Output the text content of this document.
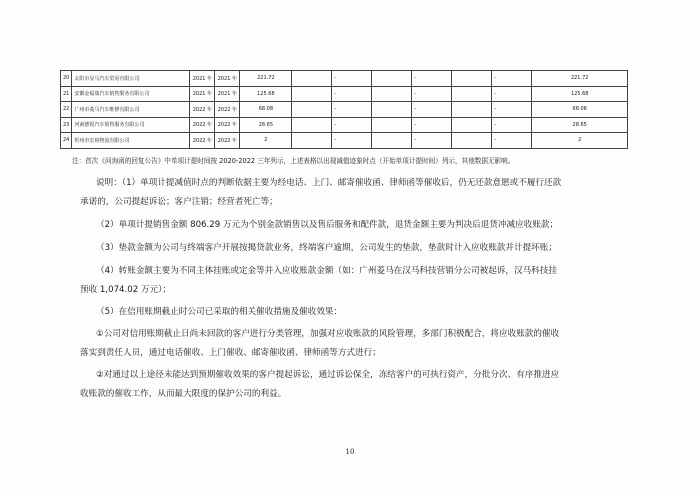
20	太阳市显马汽车贸易有限公司	2021 年	2021 年	221.72		-		-		-	221.72
21	安徽金福康汽车销售服务有限公司	2021 年	2021 年	125.68		-		-		-	125.68
22	广州市菱马汽车维修有限公司	2022 年	2022 年	68.08		-		-		-	68.08
23	河南德锐汽车销售服务有限公司	2022 年	2022 年	28.65		-		-		-	28.65
24	忻州市宏裕物流有限公司	2022 年	2022 年	2		-		-		-	2
注：首次《问询函的回复公告》中单项计提时间按 2020-2022 三年列示，上述表格以出现减值迹象时点（开始单项计提时间）列示，其他数据无影响。
说明：（1）单项计提减值时点的判断依据主要为经电话、上门、邮寄催收函、律师函等催收后，仍无还款意愿或不履行还款
承诺的，公司提起诉讼；客户注销；经营者死亡等；
（2）单项计提销售金额 806.29 万元为个别金款销售以及售后服务和配件款，退货金额主要为判决后退货冲减应收账款；
（3）垫款金额为公司与终端客户开展按揭贷款业务，终端客户逾期，公司发生的垫款，垫款时计入应收账款并计提坏账；
（4）转账金额主要为不同主体挂账或定金等并入应收账款金额（如：广州菱马在汉马科技营销分公司被起诉，汉马科技挂
预收 1,074.02 万元）；
（5）在信用账期截止时公司已采取的相关催收措施及催收效果：
①公司对信用账期截止日尚未回款的客户进行分类管理，加强对应收账款的风险管理，多部门积极配合，将应收账款的催收
落实到责任人员，通过电话催收、上门催收、邮寄催收函、律师函等方式进行；
②对通过以上途径未能达到预期催收效果的客户提起诉讼，通过诉讼保全，冻结客户的可执行资产，分批分次、有序推进应
收账款的催收工作，从而最大限度的保护公司的利益。
10
